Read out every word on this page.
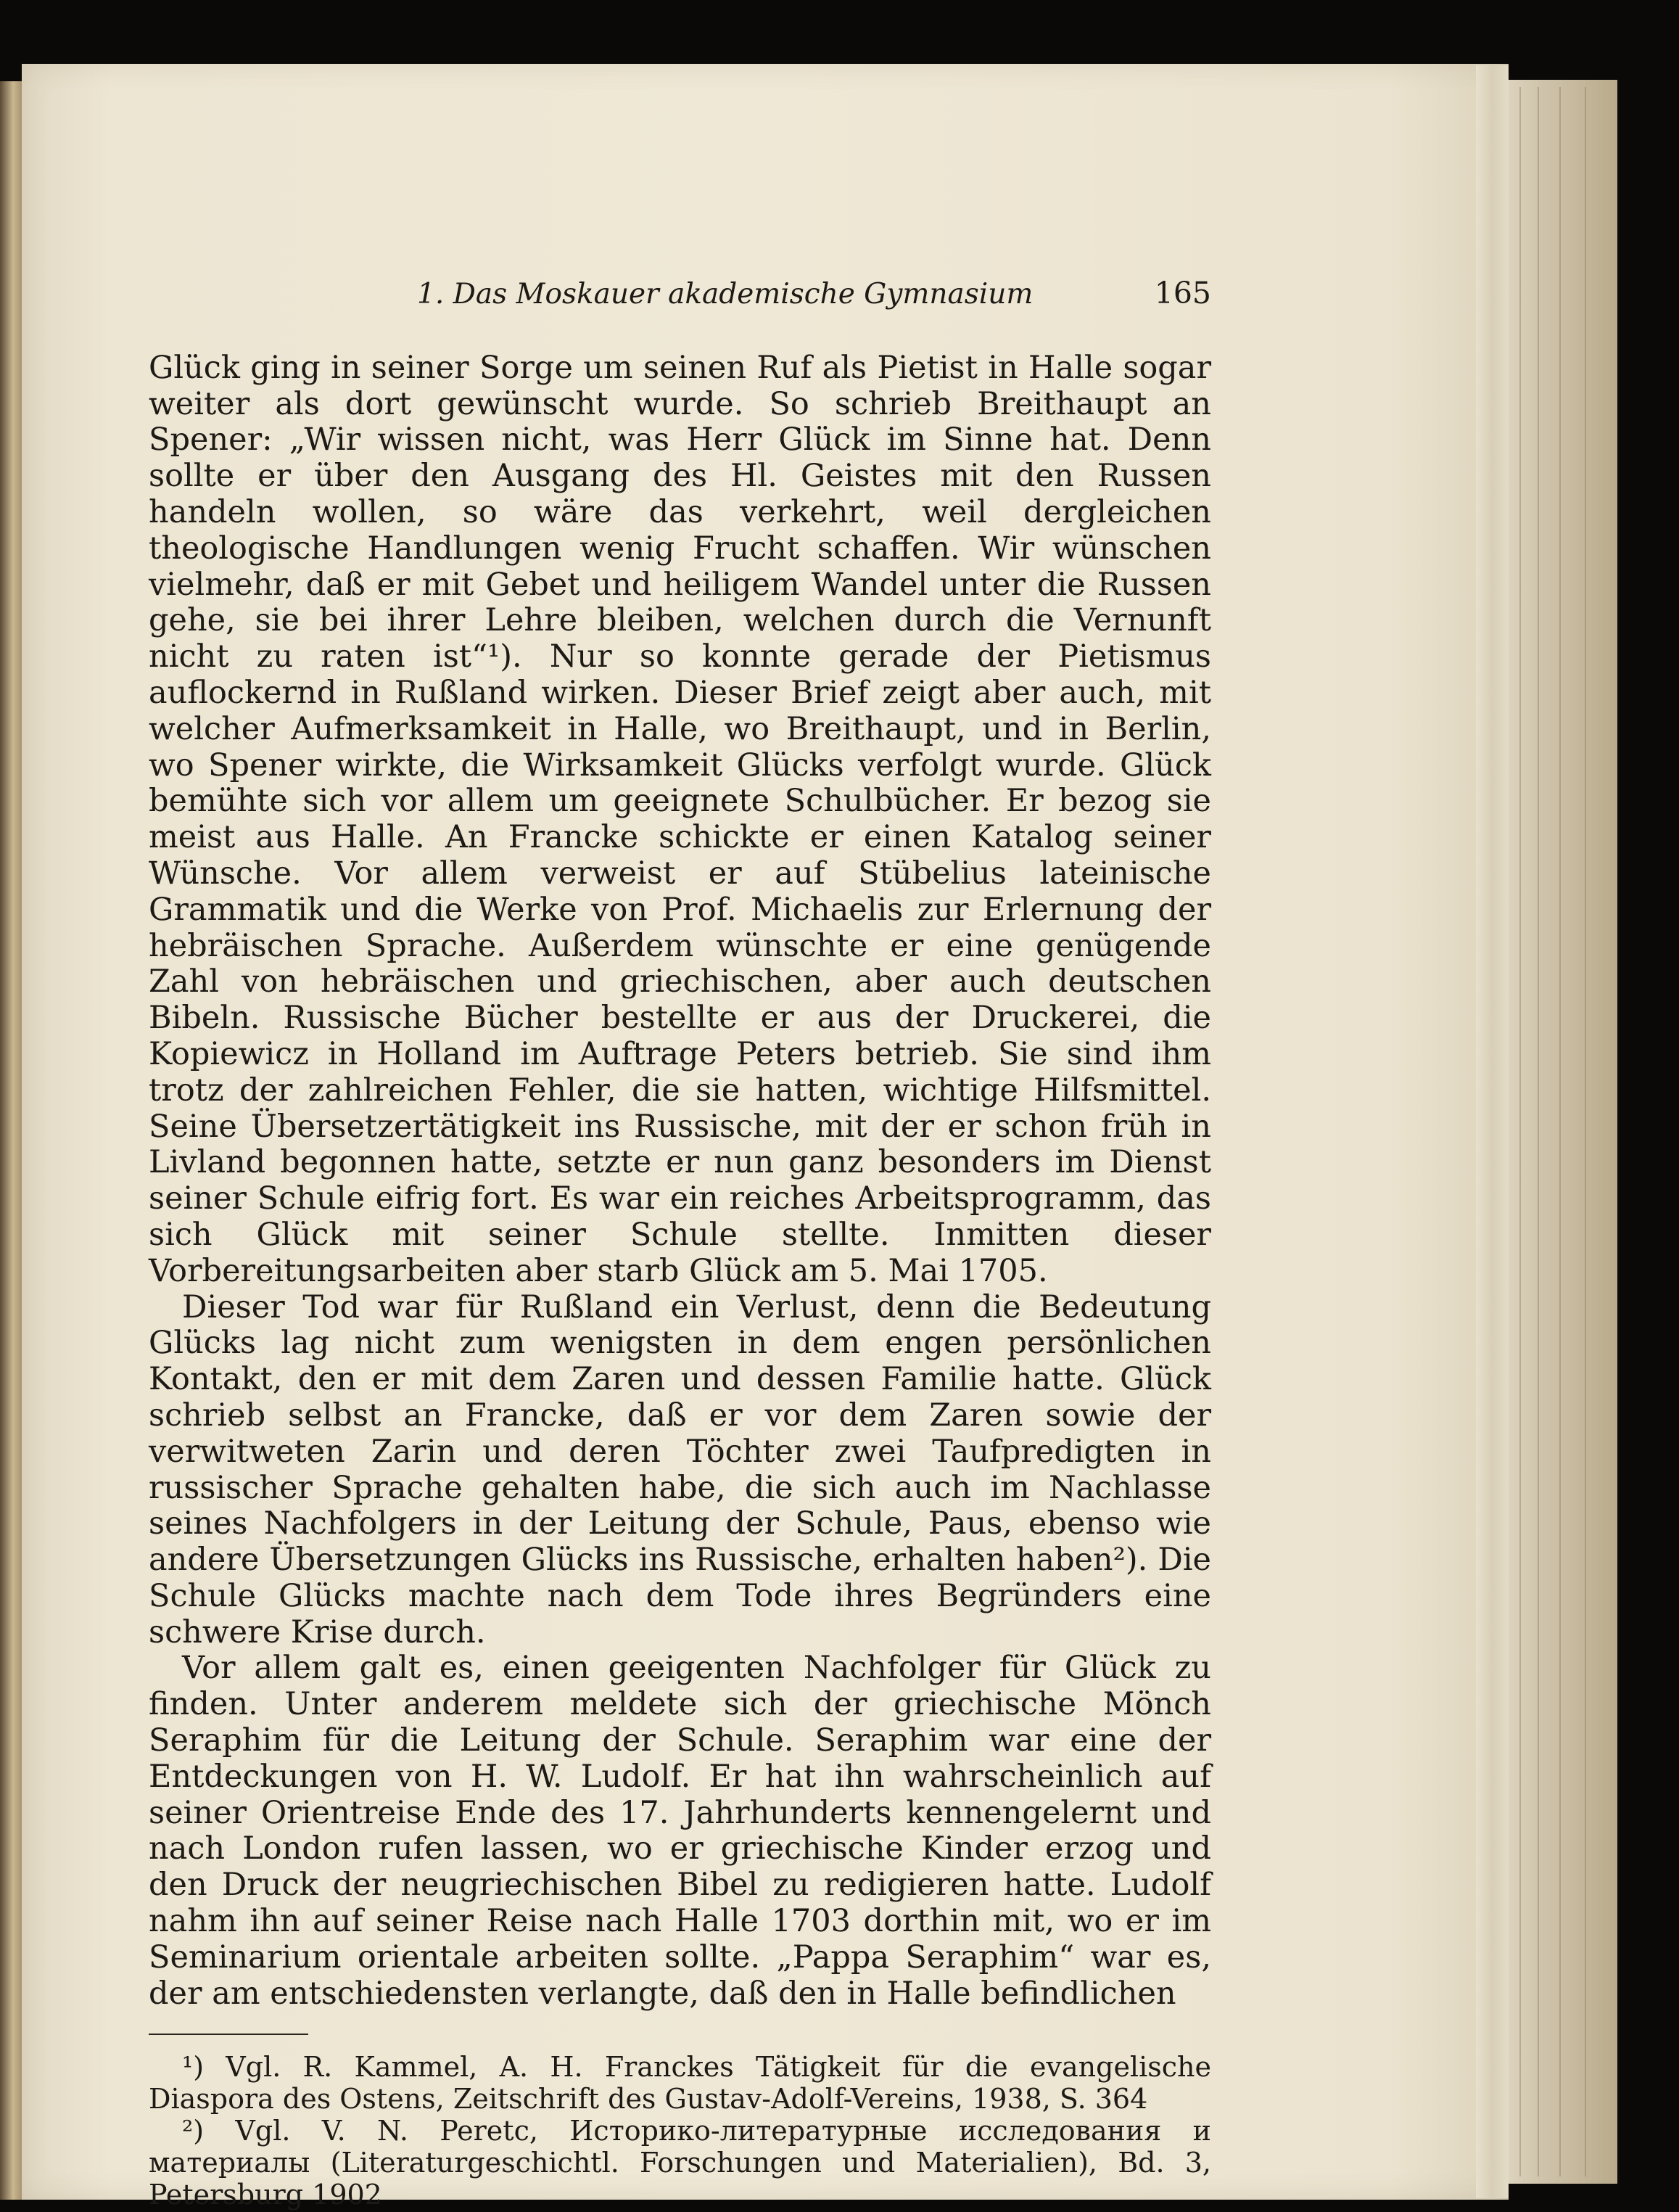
1. Das Moskauer akademische Gymnasium	165

Glück ging in seiner Sorge um seinen Ruf als Pietist in Halle sogar weiter als dort gewünscht wurde. So schrieb Breithaupt an Spener: „Wir wissen nicht, was Herr Glück im Sinne hat. Denn sollte er über den Ausgang des Hl. Geistes mit den Russen handeln wollen, so wäre das verkehrt, weil dergleichen theologische Handlungen wenig Frucht schaffen. Wir wünschen vielmehr, daß er mit Gebet und heiligem Wandel unter die Russen gehe, sie bei ihrer Lehre bleiben, welchen durch die Vernunft nicht zu raten ist“¹). Nur so konnte gerade der Pietismus auflockernd in Rußland wirken. Dieser Brief zeigt aber auch, mit welcher Aufmerksamkeit in Halle, wo Breithaupt, und in Berlin, wo Spener wirkte, die Wirksamkeit Glücks verfolgt wurde. Glück bemühte sich vor allem um geeignete Schulbücher. Er bezog sie meist aus Halle. An Francke schickte er einen Katalog seiner Wünsche. Vor allem verweist er auf Stübelius lateinische Grammatik und die Werke von Prof. Michaelis zur Erlernung der hebräischen Sprache. Außerdem wünschte er eine genügende Zahl von hebräischen und griechischen, aber auch deutschen Bibeln. Russische Bücher bestellte er aus der Druckerei, die Kopiewicz in Holland im Auftrage Peters betrieb. Sie sind ihm trotz der zahlreichen Fehler, die sie hatten, wichtige Hilfsmittel. Seine Übersetzertätigkeit ins Russische, mit der er schon früh in Livland begonnen hatte, setzte er nun ganz besonders im Dienst seiner Schule eifrig fort. Es war ein reiches Arbeitsprogramm, das sich Glück mit seiner Schule stellte. Inmitten dieser Vorbereitungsarbeiten aber starb Glück am 5. Mai 1705.

Dieser Tod war für Rußland ein Verlust, denn die Bedeutung Glücks lag nicht zum wenigsten in dem engen persönlichen Kontakt, den er mit dem Zaren und dessen Familie hatte. Glück schrieb selbst an Francke, daß er vor dem Zaren sowie der verwitweten Zarin und deren Töchter zwei Taufpredigten in russischer Sprache gehalten habe, die sich auch im Nachlasse seines Nachfolgers in der Leitung der Schule, Paus, ebenso wie andere Übersetzungen Glücks ins Russische, erhalten haben²). Die Schule Glücks machte nach dem Tode ihres Begründers eine schwere Krise durch.

Vor allem galt es, einen geeigenten Nachfolger für Glück zu finden. Unter anderem meldete sich der griechische Mönch Seraphim für die Leitung der Schule. Seraphim war eine der Entdeckungen von H. W. Ludolf. Er hat ihn wahrscheinlich auf seiner Orientreise Ende des 17. Jahrhunderts kennengelernt und nach London rufen lassen, wo er griechische Kinder erzog und den Druck der neugriechischen Bibel zu redigieren hatte. Ludolf nahm ihn auf seiner Reise nach Halle 1703 dorthin mit, wo er im Seminarium orientale arbeiten sollte. „Pappa Seraphim“ war es, der am entschiedensten verlangte, daß den in Halle befindlichen

¹) Vgl. R. Kammel, A. H. Franckes Tätigkeit für die evangelische Diaspora des Ostens, Zeitschrift des Gustav-Adolf-Vereins, 1938, S. 364

²) Vgl. V. N. Peretc, Историко-литературные исследования и материалы (Literaturgeschichtl. Forschungen und Materialien), Bd. 3, Petersburg 1902
